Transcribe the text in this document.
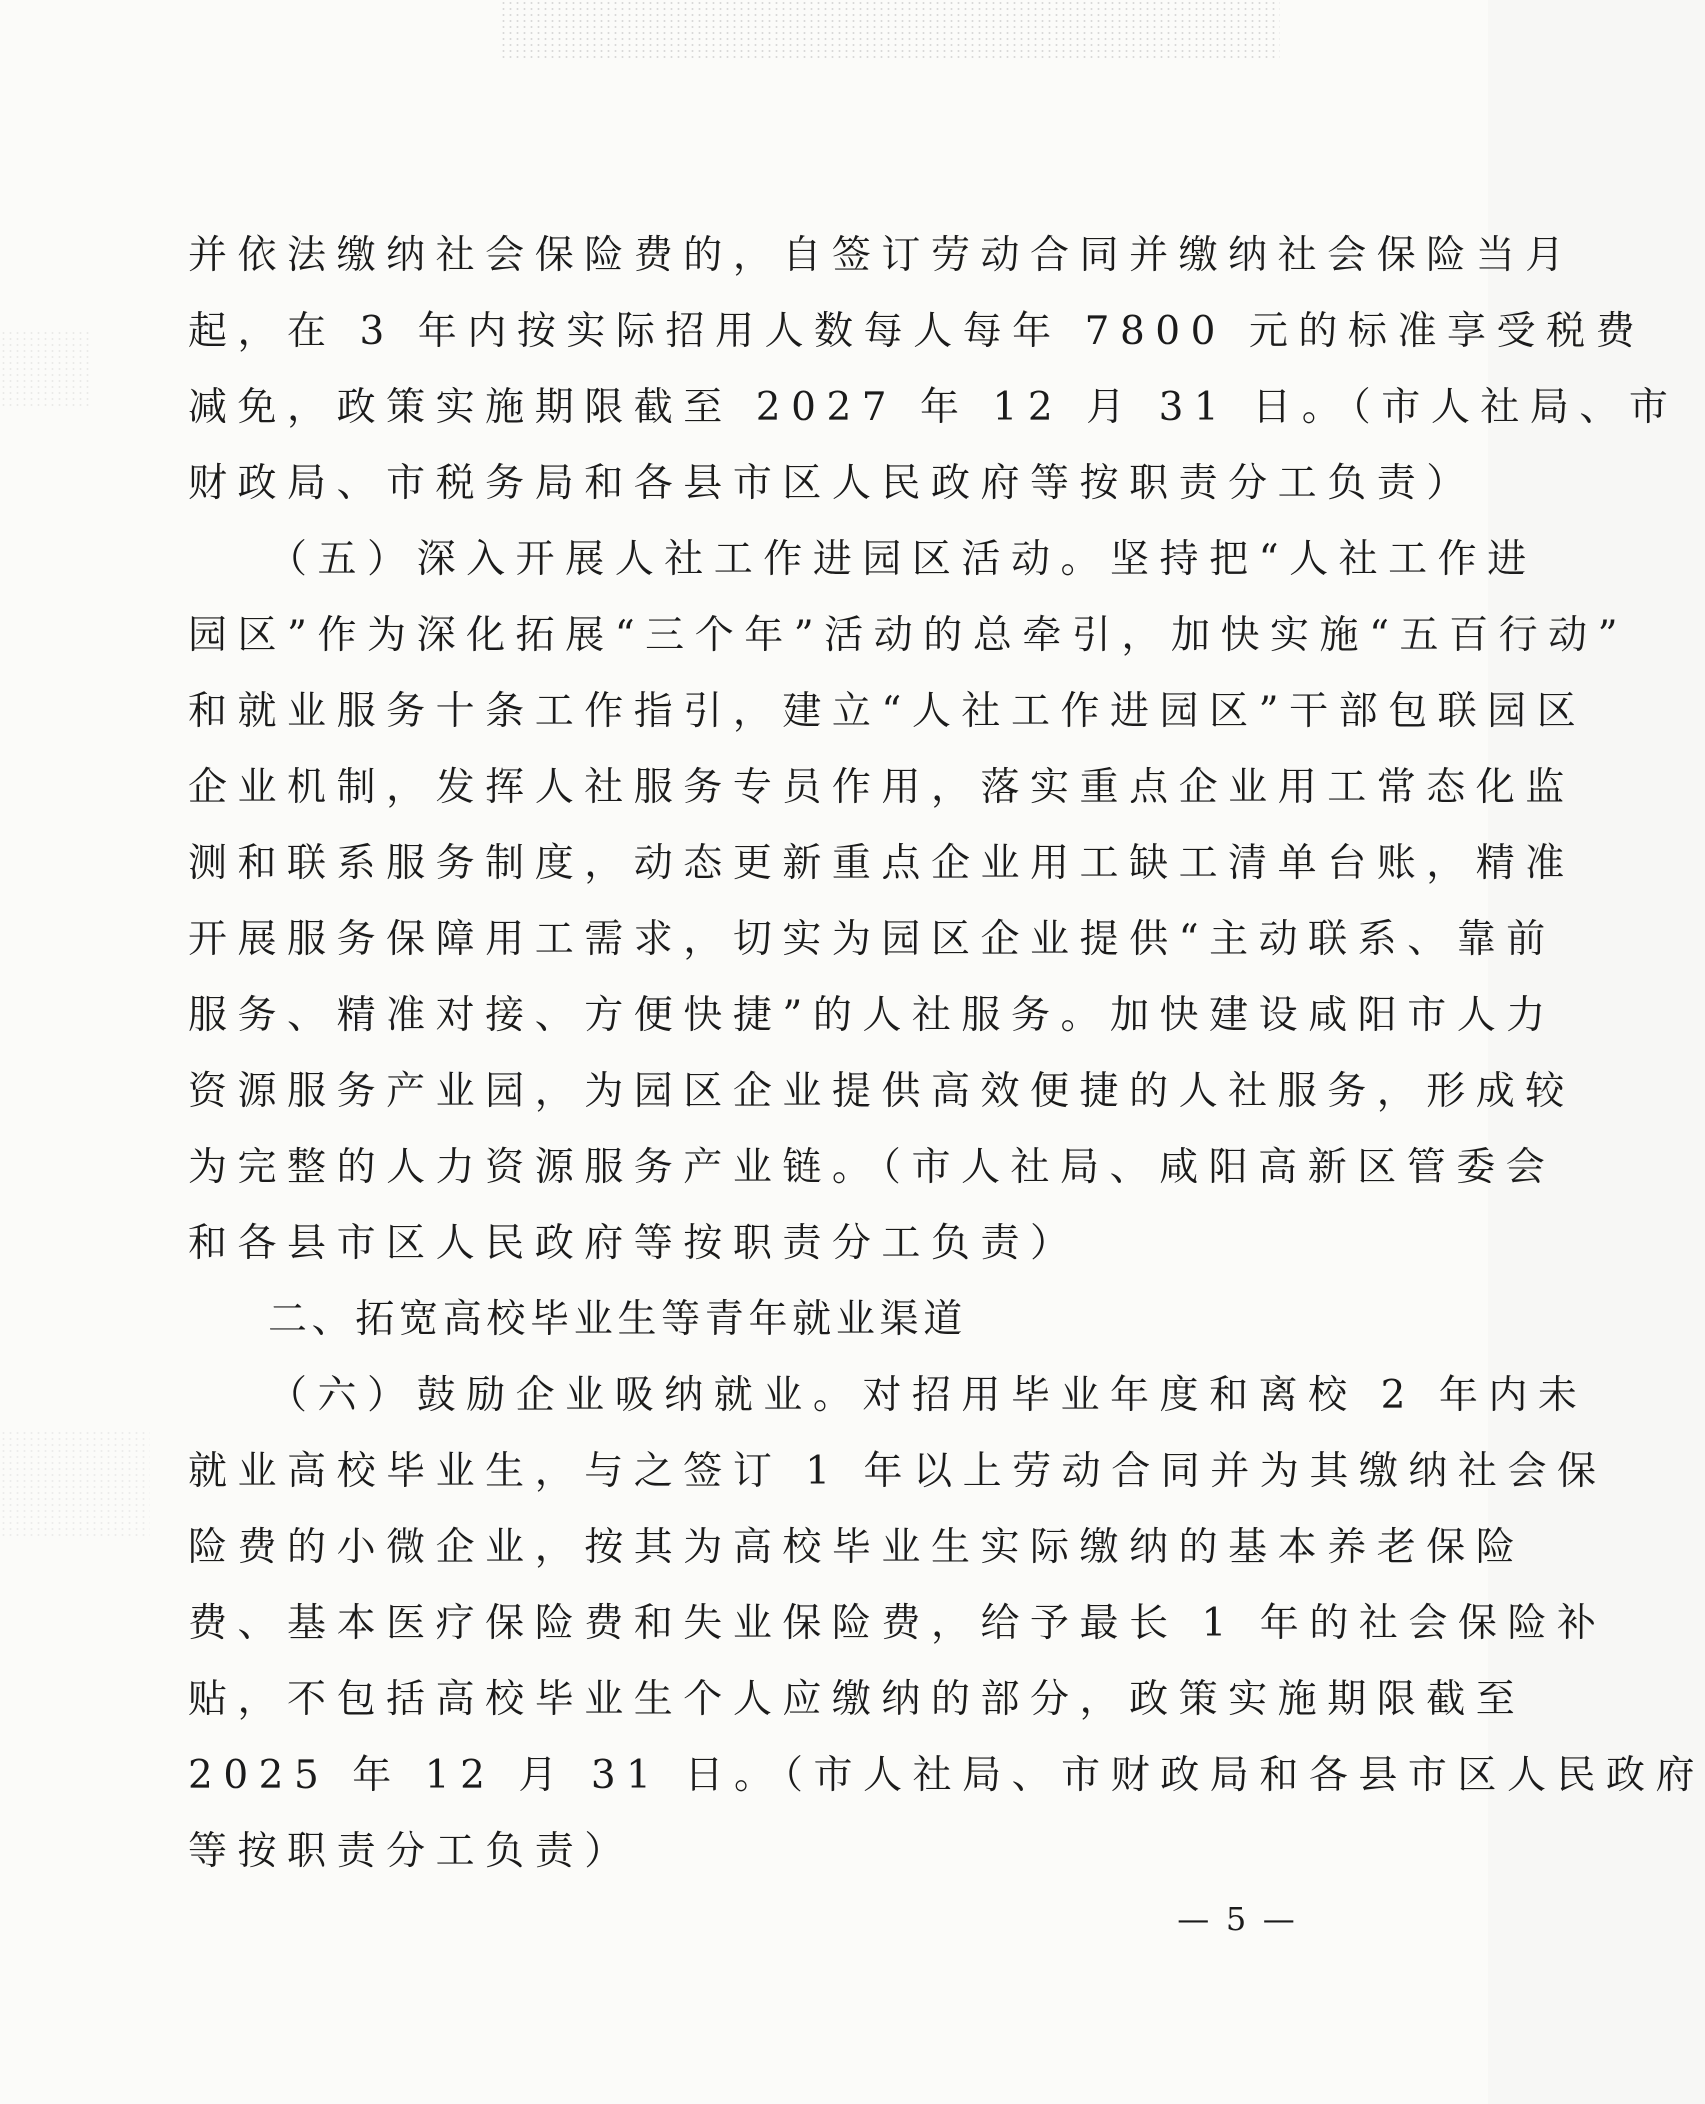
并依法缴纳社会保险费的，自签订劳动合同并缴纳社会保险当月
起，在 3 年内按实际招用人数每人每年 7800 元的标准享受税费
减免，政策实施期限截至 2027 年 12 月 31 日。（市人社局、市
财政局、市税务局和各县市区人民政府等按职责分工负责）
（五）深入开展人社工作进园区活动。坚持把“人社工作进
园区”作为深化拓展“三个年”活动的总牵引，加快实施“五百行动”
和就业服务十条工作指引，建立“人社工作进园区”干部包联园区
企业机制，发挥人社服务专员作用，落实重点企业用工常态化监
测和联系服务制度，动态更新重点企业用工缺工清单台账，精准
开展服务保障用工需求，切实为园区企业提供“主动联系、靠前
服务、精准对接、方便快捷”的人社服务。加快建设咸阳市人力
资源服务产业园，为园区企业提供高效便捷的人社服务，形成较
为完整的人力资源服务产业链。（市人社局、咸阳高新区管委会
和各县市区人民政府等按职责分工负责）
二、拓宽高校毕业生等青年就业渠道
（六）鼓励企业吸纳就业。对招用毕业年度和离校 2 年内未
就业高校毕业生，与之签订 1 年以上劳动合同并为其缴纳社会保
险费的小微企业，按其为高校毕业生实际缴纳的基本养老保险
费、基本医疗保险费和失业保险费，给予最长 1 年的社会保险补
贴，不包括高校毕业生个人应缴纳的部分，政策实施期限截至
2025 年 12 月 31 日。（市人社局、市财政局和各县市区人民政府
等按职责分工负责）
— 5 —
